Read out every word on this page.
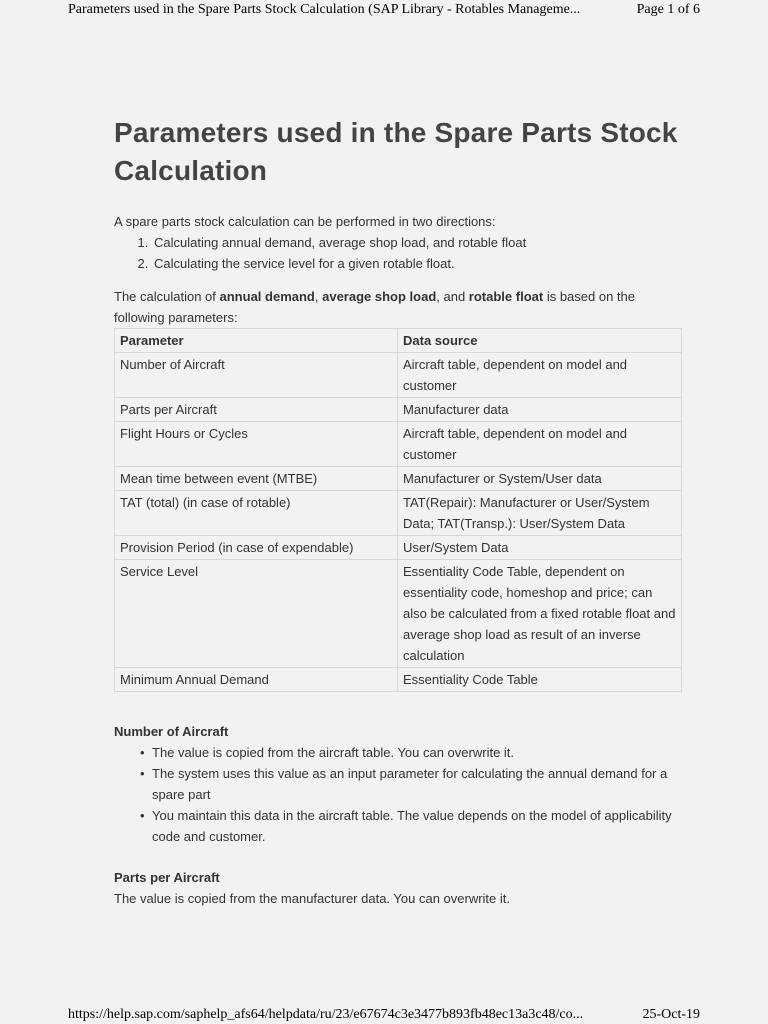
Parameters used in the Spare Parts Stock Calculation (SAP Library - Rotables Manageme...	Page 1 of 6
Parameters used in the Spare Parts Stock Calculation

A spare parts stock calculation can be performed in two directions:

1. Calculating annual demand, average shop load, and rotable float
2. Calculating the service level for a given rotable float.

The calculation of annual demand, average shop load, and rotable float is based on the following parameters:

Parameter	Data source
Number of Aircraft	Aircraft table, dependent on model and customer
Parts per Aircraft	Manufacturer data
Flight Hours or Cycles	Aircraft table, dependent on model and customer
Mean time between event (MTBE)	Manufacturer or System/User data
TAT (total) (in case of rotable)	TAT(Repair): Manufacturer or User/System Data; TAT(Transp.): User/System Data
Provision Period (in case of expendable)	User/System Data
Service Level	Essentiality Code Table, dependent on essentiality code, homeshop and price; can also be calculated from a fixed rotable float and average shop load as result of an inverse calculation
Minimum Annual Demand	Essentiality Code Table
Number of Aircraft
• The value is copied from the aircraft table. You can overwrite it.
• The system uses this value as an input parameter for calculating the annual demand for a spare part
• You maintain this data in the aircraft table. The value depends on the model of applicability code and customer.
Parts per Aircraft

The value is copied from the manufacturer data. You can overwrite it.

https://help.sap.com/saphelp_afs64/helpdata/ru/23/e67674c3e3477b893fb48ec13a3c48/co...	25-Oct-19
